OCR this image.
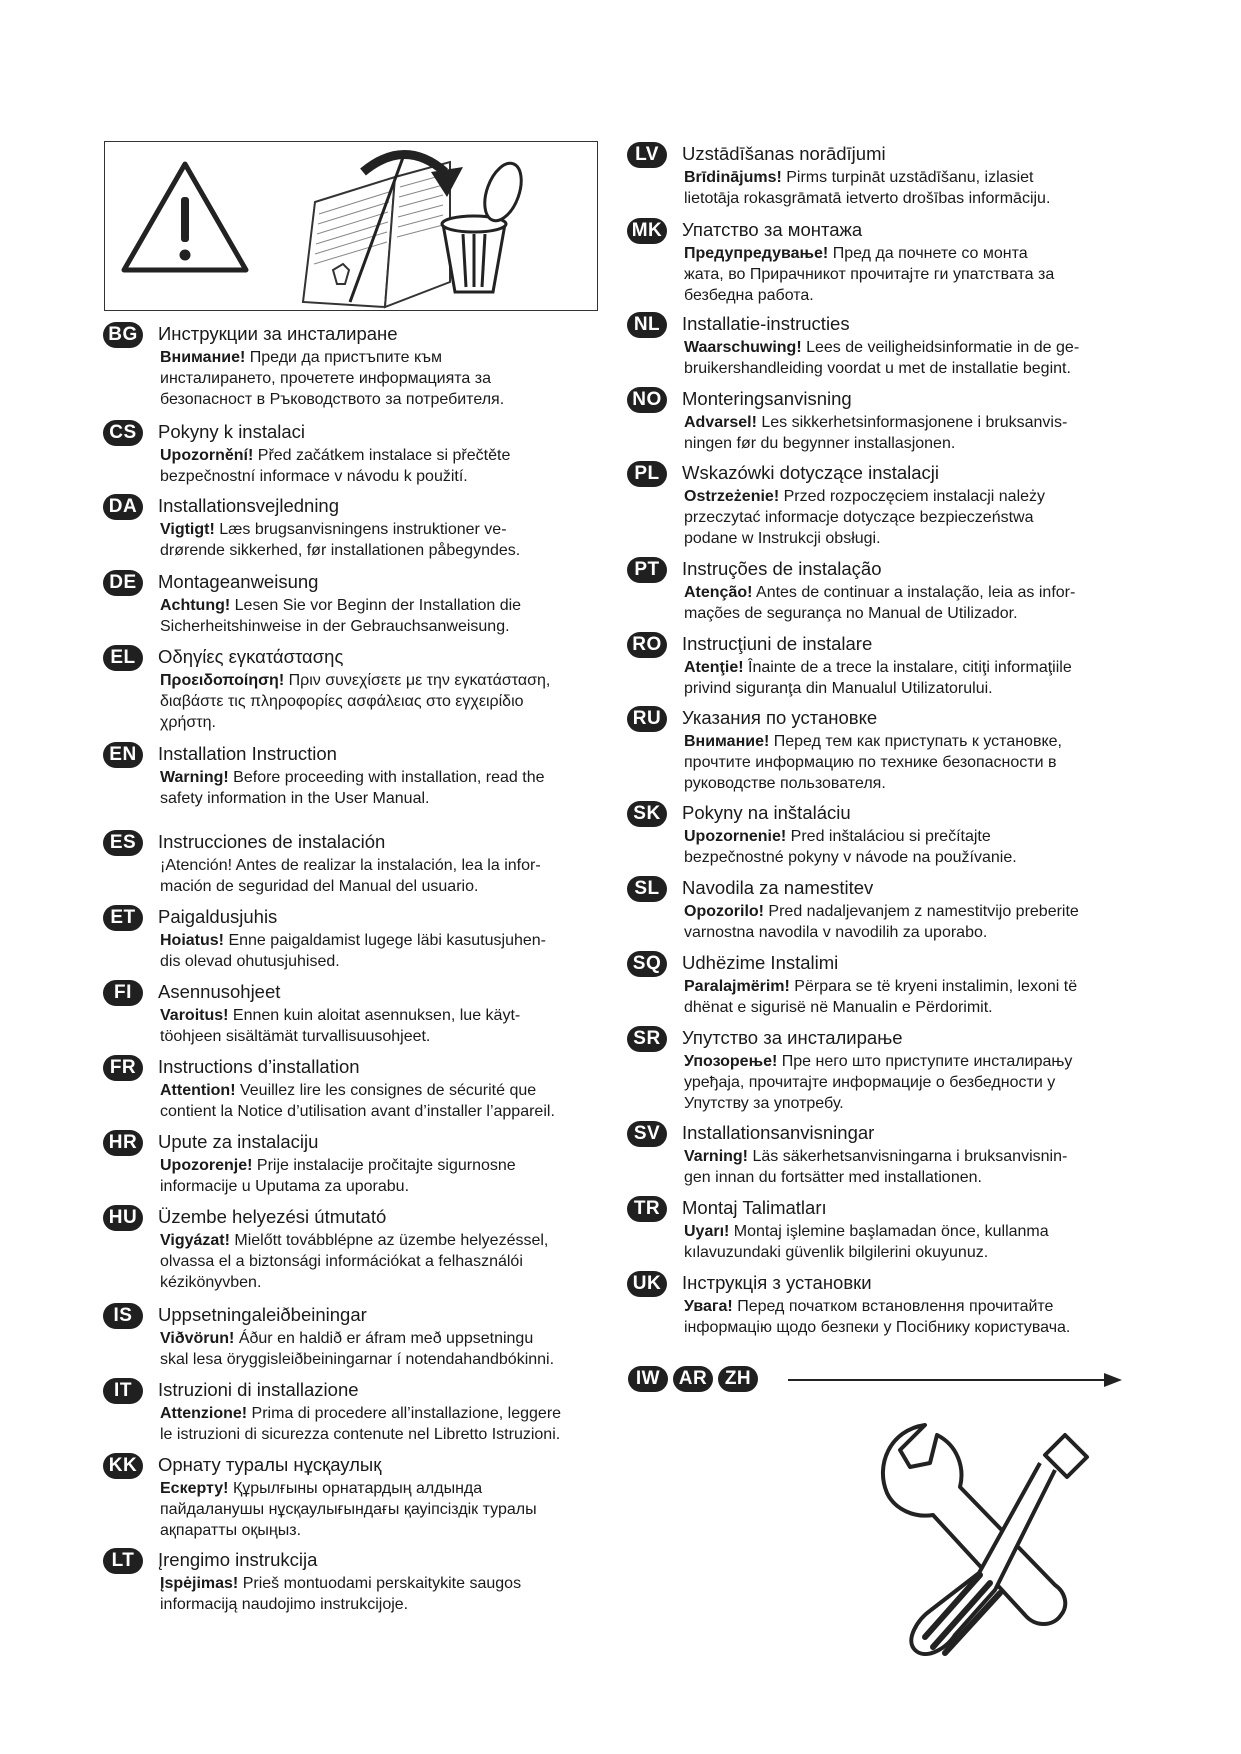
BG Инструкции за инсталиране
Внимание! Преди да пристъпите към
инсталирането, прочетете информацията за
безопасност в Ръководството за потребителя.
CS	Pokyny k instalaci
Upozornění! Před začátkem instalace si přečtěte
bezpečnostní informace v návodu k použití.
DA	Installationsvejledning
Vigtigt! Læs brugsanvisningens instruktioner ve-
drørende sikkerhed, før installationen påbegyndes.
DE	Montageanweisung
Achtung! Lesen Sie vor Beginn der Installation die
Sicherheitshinweise in der Gebrauchsanweisung.
EL	Οδηγίες εγκατάστασης
Προειδοποίηση! Πριν συνεχίσετε με την εγκατάσταση,
διαβάστε τις πληροφορίες ασφάλειας στο εγχειρίδιο
χρήστη.
EN	Installation Instruction
Warning! Before proceeding with installation, read the
safety information in the User Manual.
ES	Instrucciones de instalación
¡Atención! Antes de realizar la instalación, lea la infor-
mación de seguridad del Manual del usuario.
ET	Paigaldusjuhis
Hoiatus! Enne paigaldamist lugege läbi kasutusjuhen-
dis olevad ohutusjuhised.
FI	Asennusohjeet
Varoitus! Ennen kuin aloitat asennuksen, lue käyt-
töohjeen sisältämät turvallisuusohjeet.
FR	Instructions d’installation
Attention! Veuillez lire les consignes de sécurité que
contient la Notice d’utilisation avant d’installer l’appareil.
HR	Upute za instalaciju
Upozorenje! Prije instalacije pročitajte sigurnosne
informacije u Uputama za uporabu.
HU	Üzembe helyezési útmutató
Vigyázat! Mielőtt továbblépne az üzembe helyezéssel,
olvassa el a biztonsági információkat a felhasználói
kézikönyvben.
IS	Uppsetningaleiðbeiningar
Viðvörun! Áður en haldið er áfram með uppsetningu
skal lesa öryggisleiðbeiningarnar í notendahandbókinni.
IT	Istruzioni di installazione
Attenzione! Prima di procedere all’installazione, leggere
le istruzioni di sicurezza contenute nel Libretto Istruzioni.
KK	Орнату туралы нұсқаулық
Ескерту! Құрылғыны орнатардың алдында
пайдаланушы нұсқаулығындағы қауіпсіздік туралы
ақпаратты оқыңыз.
LT	Įrengimo instrukcija
Įspėjimas! Prieš montuodami perskaitykite saugos
informaciją naudojimo instrukcijoje.
LV	Uzstādīšanas norādījumi
Brīdinājums! Pirms turpināt uzstādīšanu, izlasiet
lietotāja rokasgrāmatā ietverto drošības informāciju.
MK Упатство за монтажа
Предупредување! Пред да почнете со монта
жата, во Прирачникот прочитајте ги упатствата за
безбедна работа.
NL	Installatie-instructies
Waarschuwing! Lees de veiligheidsinformatie in de ge-
bruikershandleiding voordat u met de installatie begint.
NO Monteringsanvisning
Advarsel! Les sikkerhetsinformasjonene i bruksanvis-
ningen før du begynner installasjonen.
PL	Wskazówki dotyczące instalacji
Ostrzeżenie! Przed rozpoczęciem instalacji należy
przeczytać informacje dotyczące bezpieczeństwa
podane w Instrukcji obsługi.
PT	Instruções de instalação
Atenção! Antes de continuar a instalação, leia as infor-
mações de segurança no Manual de Utilizador.
RO Instrucţiuni de instalare
Atenţie! Înainte de a trece la instalare, citiţi informaţiile
privind siguranţa din Manualul Utilizatorului.
RU	Указания по установке
Внимание! Перед тем как приступать к установке,
прочтите информацию по технике безопасности в
руководстве пользователя.
SK	Pokyny na inštaláciu
Upozornenie! Pred inštaláciou si prečítajte
bezpečnostné pokyny v návode na používanie.
SL	Navodila za namestitev
Opozorilo! Pred nadaljevanjem z namestitvijo preberite
varnostna navodila v navodilih za uporabo.
SQ	Udhëzime Instalimi
Paralajmërim! Përpara se të kryeni instalimin, lexoni të
dhënat e sigurisë në Manualin e Përdorimit.
SR	Упутство за инсталирање
Упозорење! Пре него што приступите инсталирању
уређаја, прочитајте информације о безбедности у
Упутству за употребу.
SV	Installationsanvisningar
Varning! Läs säkerhetsanvisningarna i bruksanvisnin-
gen innan du fortsätter med installationen.
TR	Montaj Talimatları
Uyarı! Montaj işlemine başlamadan önce, kullanma
kılavuzundaki güvenlik bilgilerini okuyunuz.
UK	Інструкція з установки
Увага! Перед початком встановлення прочитайте
інформацію щодо безпеки у Посібнику користувача.
IW AR ZH
